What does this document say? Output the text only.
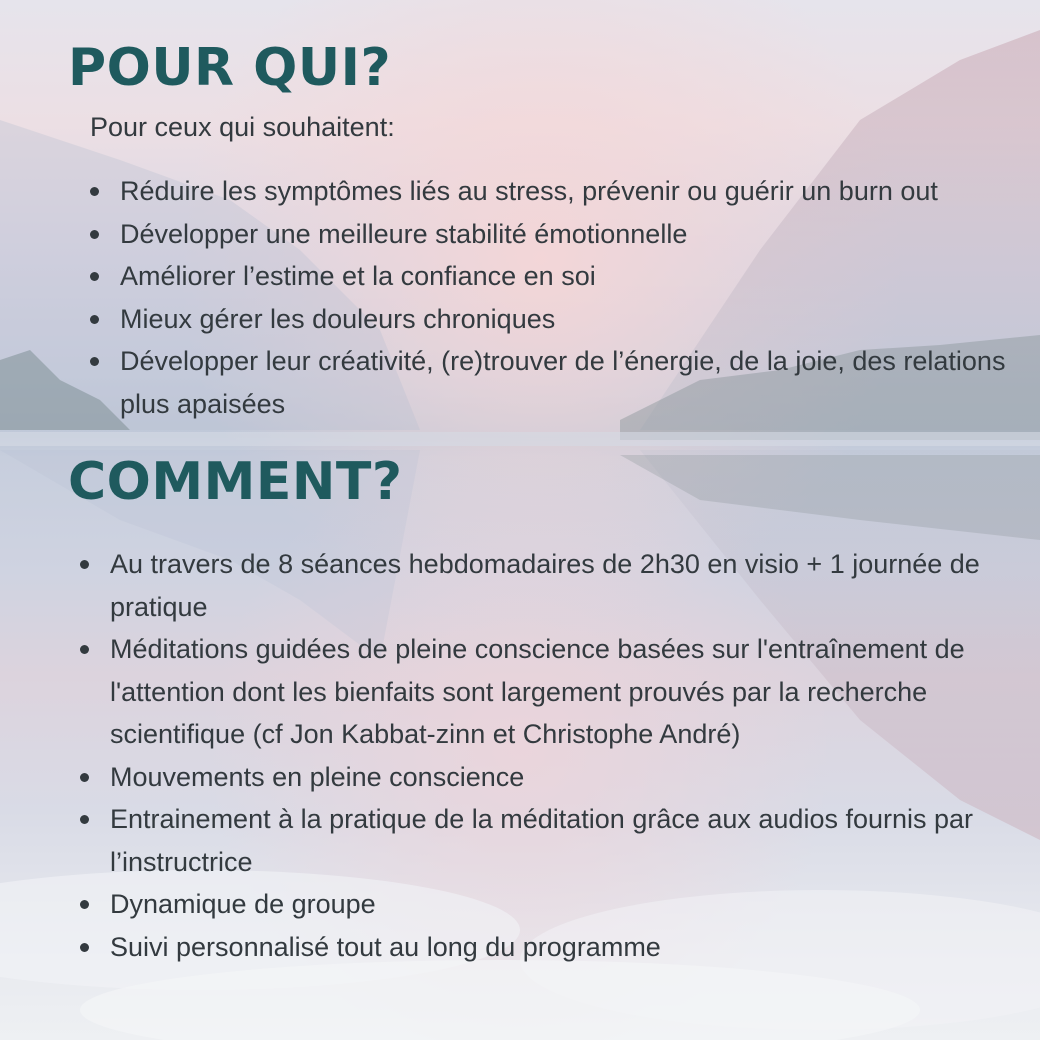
POUR QUI?
Pour ceux qui souhaitent:
Réduire les symptômes liés au stress, prévenir ou guérir un burn out
Développer une meilleure stabilité émotionnelle
Améliorer l’estime et la confiance en soi
Mieux gérer les douleurs chroniques
Développer leur créativité, (re)trouver de l’énergie, de la joie, des relations plus apaisées
COMMENT?
Au travers de 8 séances hebdomadaires de 2h30 en visio + 1 journée de pratique
Méditations guidées de pleine conscience basées sur l'entraînement de l'attention dont les bienfaits sont largement prouvés par la recherche scientifique (cf Jon Kabbat-zinn et Christophe André)
Mouvements en pleine conscience
Entrainement à la pratique de la méditation grâce aux audios fournis par l’instructrice
Dynamique de groupe
Suivi personnalisé tout au long du programme
